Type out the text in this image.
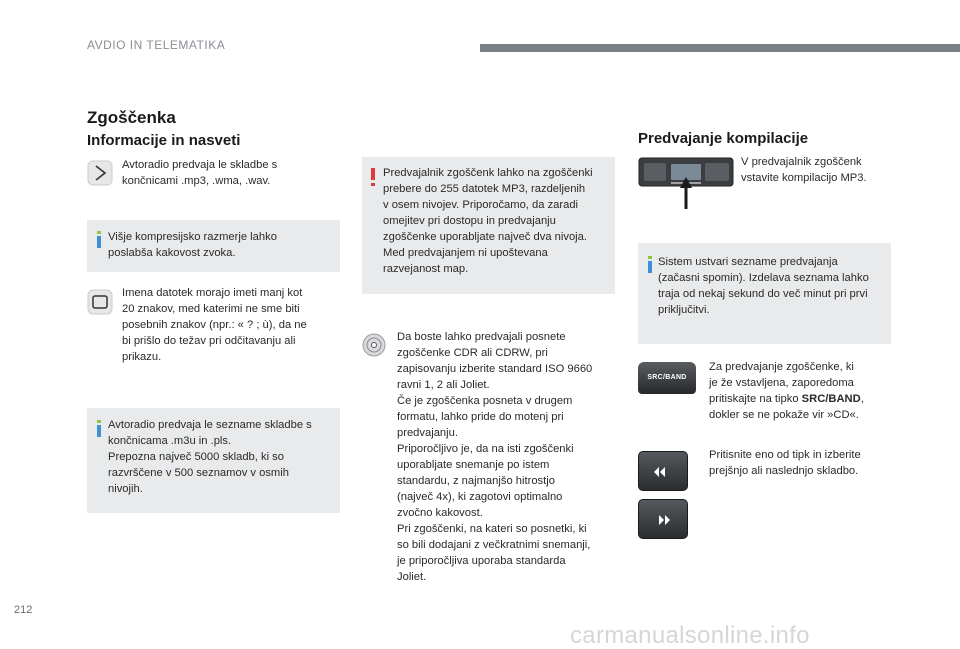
AVDIO IN TELEMATIKA
Zgoščenka
Informacije in nasveti	Predvajanje kompilacije
Avtoradio predvaja le skladbe s
končnicami .mp3, .wma, .wav.
Višje kompresijsko razmerje lahko
poslabša kakovost zvoka.
Imena datotek morajo imeti manj kot
20 znakov, med katerimi ne sme biti
posebnih znakov (npr.: « ? ; ù), da ne
bi prišlo do težav pri odčitavanju ali
prikazu.
Avtoradio predvaja le sezname skladbe s
končnicama .m3u in .pls.
Prepozna največ 5000 skladb, ki so
razvrščene v 500 seznamov v osmih
nivojih.
Predvajalnik zgoščenk lahko na zgoščenki
prebere do 255 datotek MP3, razdeljenih
v osem nivojev. Priporočamo, da zaradi
omejitev pri dostopu in predvajanju
zgoščenke uporabljate največ dva nivoja.
Med predvajanjem ni upoštevana
razvejanost map.
Da boste lahko predvajali posnete
zgoščenke CDR ali CDRW, pri
zapisovanju izberite standard ISO 9660
ravni 1, 2 ali Joliet.
Če je zgoščenka posneta v drugem
formatu, lahko pride do motenj pri
predvajanju.
Priporočljivo je, da na isti zgoščenki
uporabljate snemanje po istem
standardu, z najmanjšo hitrostjo
(največ 4x), ki zagotovi optimalno
zvočno kakovost.
Pri zgoščenki, na kateri so posnetki, ki
so bili dodajani z večkratnimi snemanji,
je priporočljiva uporaba standarda
Joliet.
V predvajalnik zgoščenk
vstavite kompilacijo MP3.
Sistem ustvari sezname predvajanja
(začasni spomin). Izdelava seznama lahko
traja od nekaj sekund do več minut pri prvi
priključitvi.
SRC/BAND
Za predvajanje zgoščenke, ki
je že vstavljena, zaporedoma
pritiskajte na tipko SRC/BAND,
dokler se ne pokaže vir »CD«.
Pritisnite eno od tipk in izberite
prejšnjo ali naslednjo skladbo.
212
carmanualsonline.info
